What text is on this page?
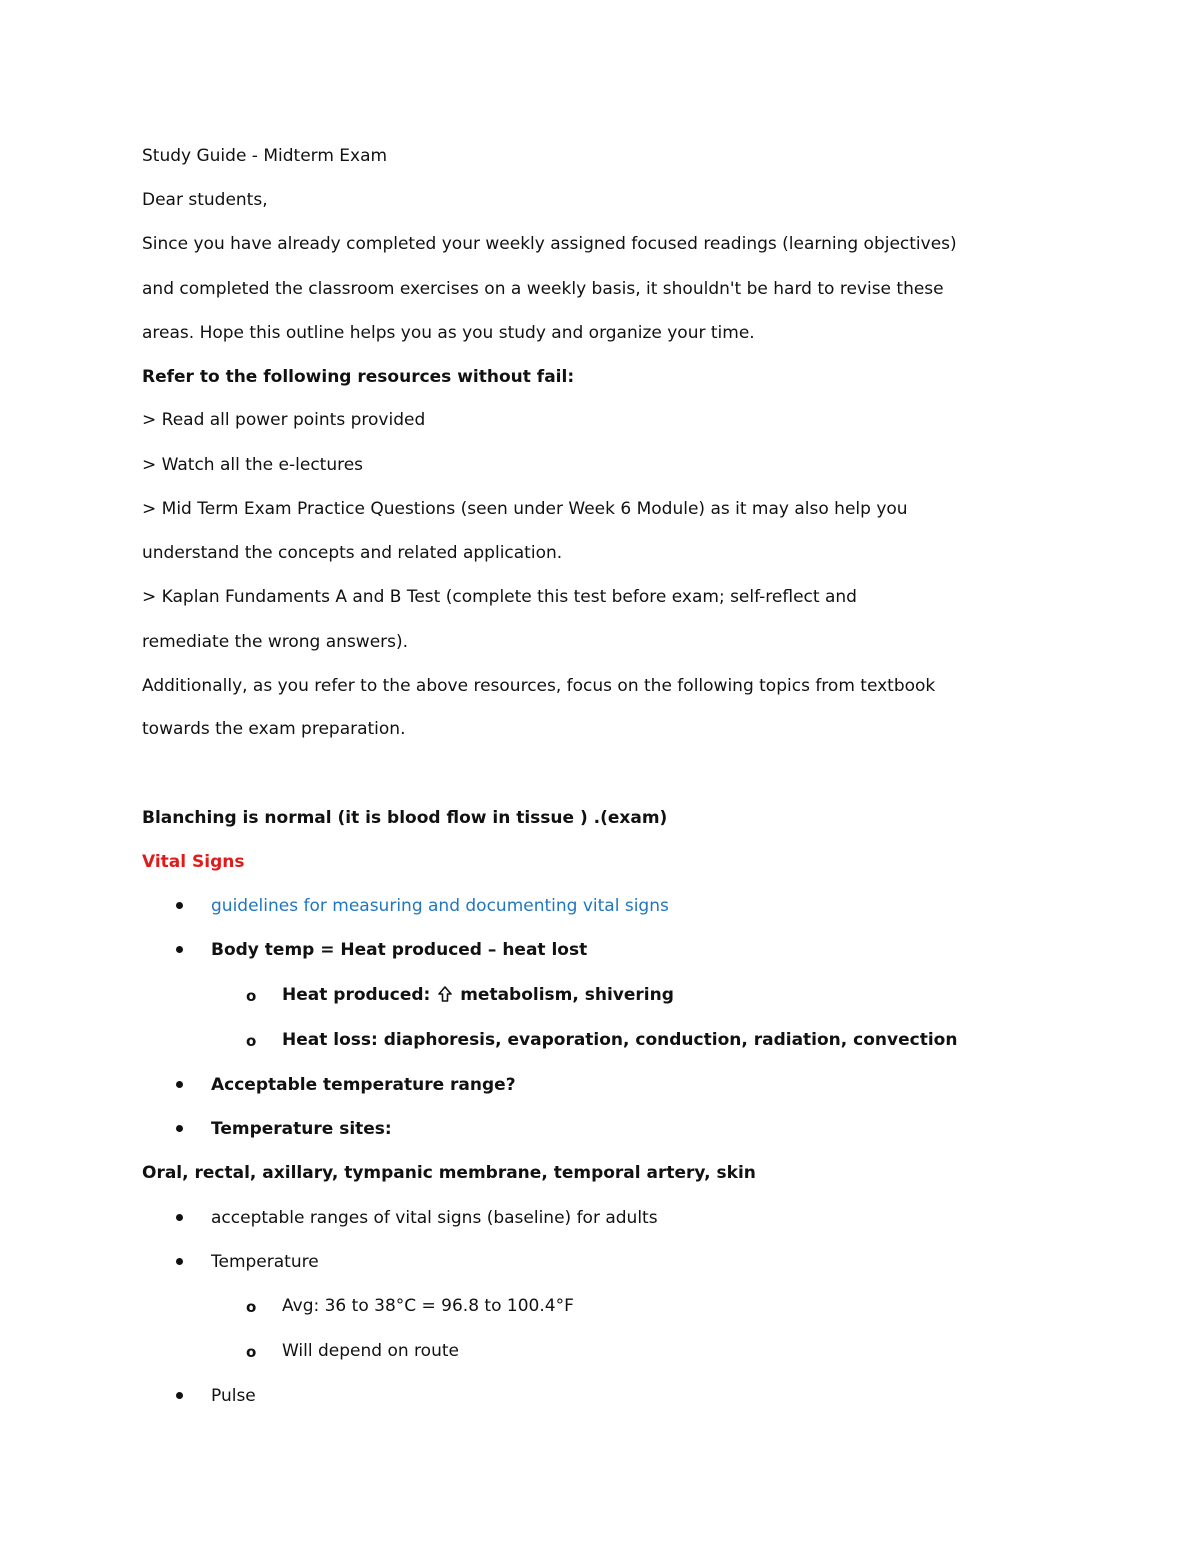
Study Guide - Midterm Exam
Dear students,
Since you have already completed your weekly assigned focused readings (learning objectives)
and completed the classroom exercises on a weekly basis, it shouldn't be hard to revise these
areas. Hope this outline helps you as you study and organize your time.
Refer to the following resources without fail:
> Read all power points provided
> Watch all the e-lectures
> Mid Term Exam Practice Questions (seen under Week 6 Module) as it may also help you
understand the concepts and related application.
> Kaplan Fundaments A and B Test (complete this test before exam; self-reflect and
remediate the wrong answers).
Additionally, as you refer to the above resources, focus on the following topics from textbook
towards the exam preparation.
Blanching is normal (it is blood flow in tissue ) .(exam)
Vital Signs
guidelines for measuring and documenting vital signs
Body temp = Heat produced – heat lost
o Heat produced: metabolism, shivering
o Heat loss: diaphoresis, evaporation, conduction, radiation, convection
Acceptable temperature range?
Temperature sites:
Oral, rectal, axillary, tympanic membrane, temporal artery, skin
acceptable ranges of vital signs (baseline) for adults
Temperature
o Avg: 36 to 38°C = 96.8 to 100.4°F
o Will depend on route
Pulse
